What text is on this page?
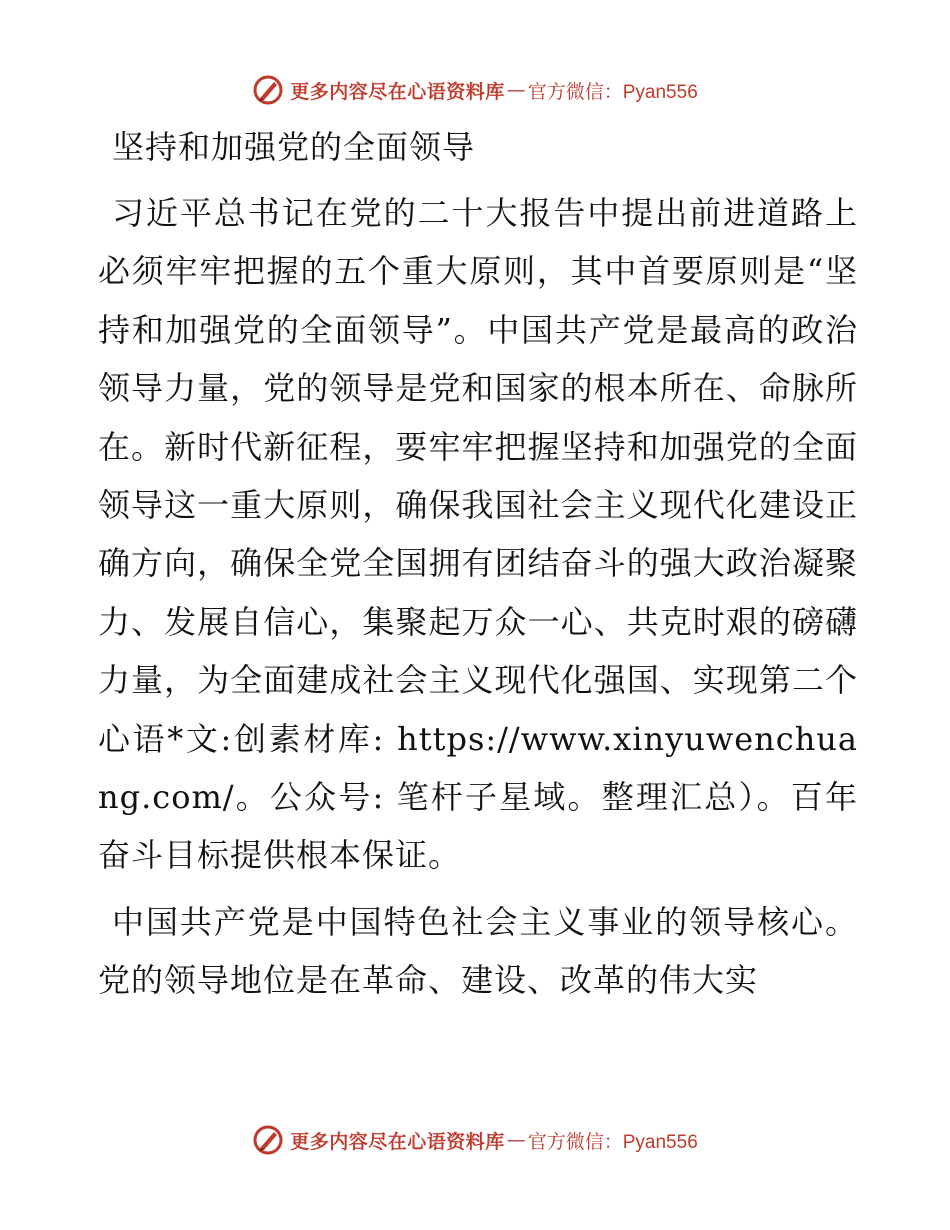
更多内容尽在心语资料库 — 官方微信：Pyan556
坚持和加强党的全面领导

习近平总书记在党的二十大报告中提出前进道路上必须牢牢把握的五个重大原则，其中首要原则是“坚持和加强党的全面领导”。中国共产党是最高的政治领导力量，党的领导是党和国家的根本所在、命脉所在。新时代新征程，要牢牢把握坚持和加强党的全面领导这一重大原则，确保我国社会主义现代化建设正确方向，确保全党全国拥有团结奋斗的强大政治凝聚力、发展自信心，集聚起万众一心、共克时艰的磅礴力量，为全面建成社会主义现代化强国、实现第二个心语*文:创素材库: https://www.xinyuwenchuang.com/。公众号: 笔杆子星域。整理汇总）。百年奋斗目标提供根本保证。

中国共产党是中国特色社会主义事业的领导核心。党的领导地位是在革命、建设、改革的伟大实

更多内容尽在心语资料库 — 官方微信：Pyan556
